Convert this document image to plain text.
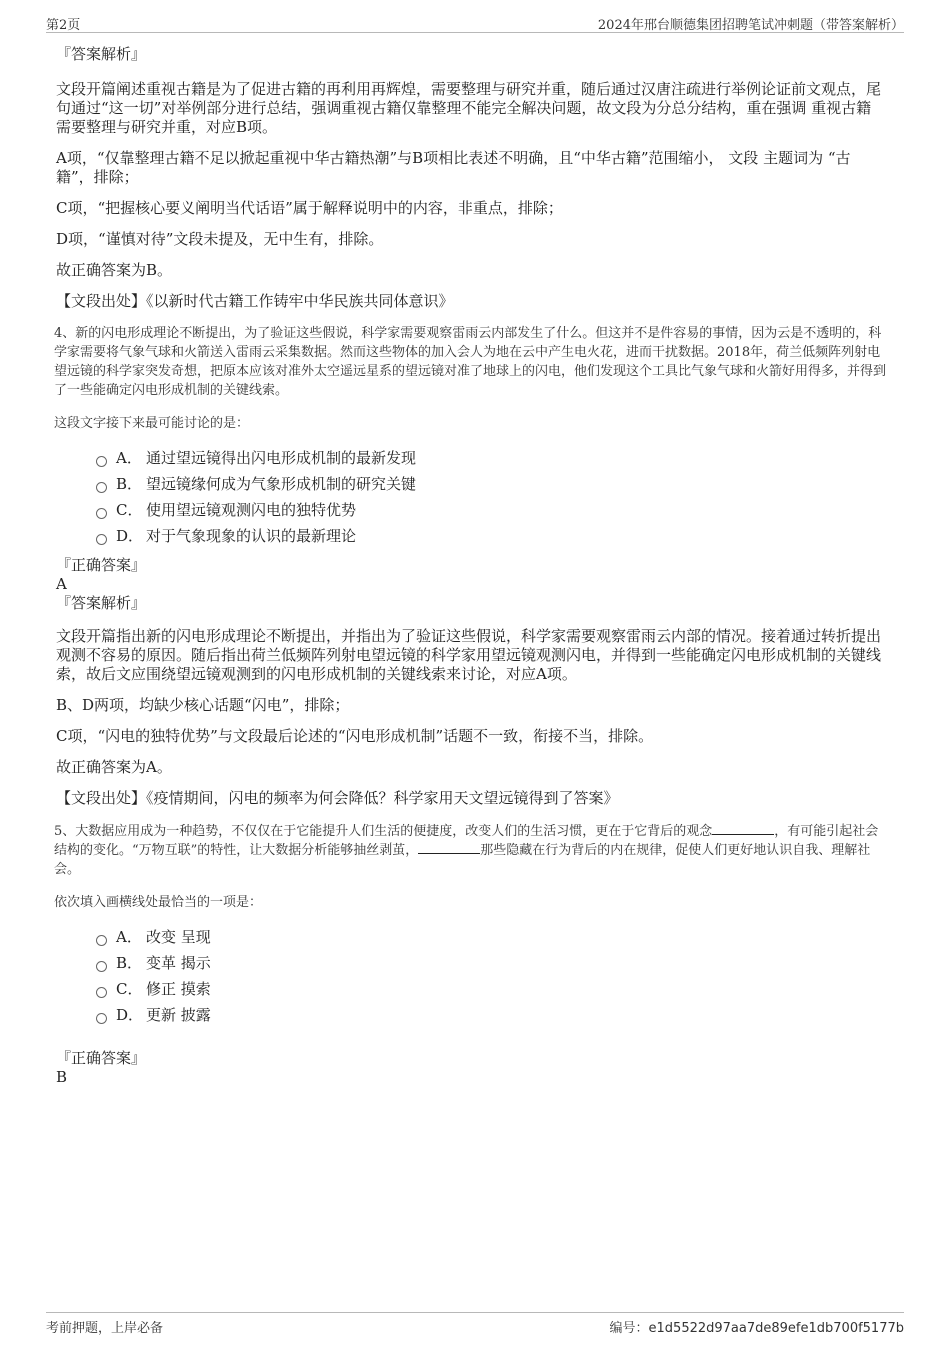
第2页	2024年邢台顺德集团招聘笔试冲刺题（带答案解析）

『答案解析』

文段开篇阐述重视古籍是为了促进古籍的再利用再辉煌，需要整理与研究并重，随后通过汉唐注疏进行举例论证前文观点，尾句通过“这一切”对举例部分进行总结，强调重视古籍仅靠整理不能完全解决问题，故文段为分总分结构，重在强调 重视古籍 需要整理与研究并重，对应B项。

A项，“仅靠整理古籍不足以掀起重视中华古籍热潮”与B项相比表述不明确，且“中华古籍”范围缩小， 文段 主题词为 “古籍”，排除；

C项，“把握核心要义阐明当代话语”属于解释说明中的内容，非重点，排除；

D项，“谨慎对待”文段未提及，无中生有，排除。

故正确答案为B。

【文段出处】《以新时代古籍工作铸牢中华民族共同体意识》

4、新的闪电形成理论不断提出，为了验证这些假说，科学家需要观察雷雨云内部发生了什么。但这并不是件容易的事情，因为云是不透明的，科学家需要将气象气球和火箭送入雷雨云采集数据。然而这些物体的加入会人为地在云中产生电火花，进而干扰数据。2018年，荷兰低频阵列射电望远镜的科学家突发奇想，把原本应该对准外太空遥远星系的望远镜对准了地球上的闪电，他们发现这个工具比气象气球和火箭好用得多，并得到了一些能确定闪电形成机制的关键线索。

这段文字接下来最可能讨论的是：

A． 通过望远镜得出闪电形成机制的最新发现
B． 望远镜缘何成为气象形成机制的研究关键
C． 使用望远镜观测闪电的独特优势
D． 对于气象现象的认识的最新理论

『正确答案』

A

『答案解析』

文段开篇指出新的闪电形成理论不断提出，并指出为了验证这些假说，科学家需要观察雷雨云内部的情况。接着通过转折提出观测不容易的原因。随后指出荷兰低频阵列射电望远镜的科学家用望远镜观测闪电，并得到一些能确定闪电形成机制的关键线索，故后文应围绕望远镜观测到的闪电形成机制的关键线索来讨论，对应A项。

B、D两项，均缺少核心话题“闪电”，排除；

C项，“闪电的独特优势”与文段最后论述的“闪电形成机制”话题不一致，衔接不当，排除。

故正确答案为A。

【文段出处】《疫情期间，闪电的频率为何会降低？科学家用天文望远镜得到了答案》

5、大数据应用成为一种趋势，不仅仅在于它能提升人们生活的便捷度，改变人们的生活习惯，更在于它背后的观念	，有可能引起社会结构的变化。“万物互联”的特性，让大数据分析能够抽丝剥茧，	那些隐藏在行为背后的内在规律，促使人们更好地认识自我、理解社会。

依次填入画横线处最恰当的一项是：

A． 改变 呈现
B． 变革 揭示
C． 修正 摸索
D． 更新 披露

『正确答案』

B

考前押题，上岸必备	编号：e1d5522d97aa7de89efe1db700f5177b
